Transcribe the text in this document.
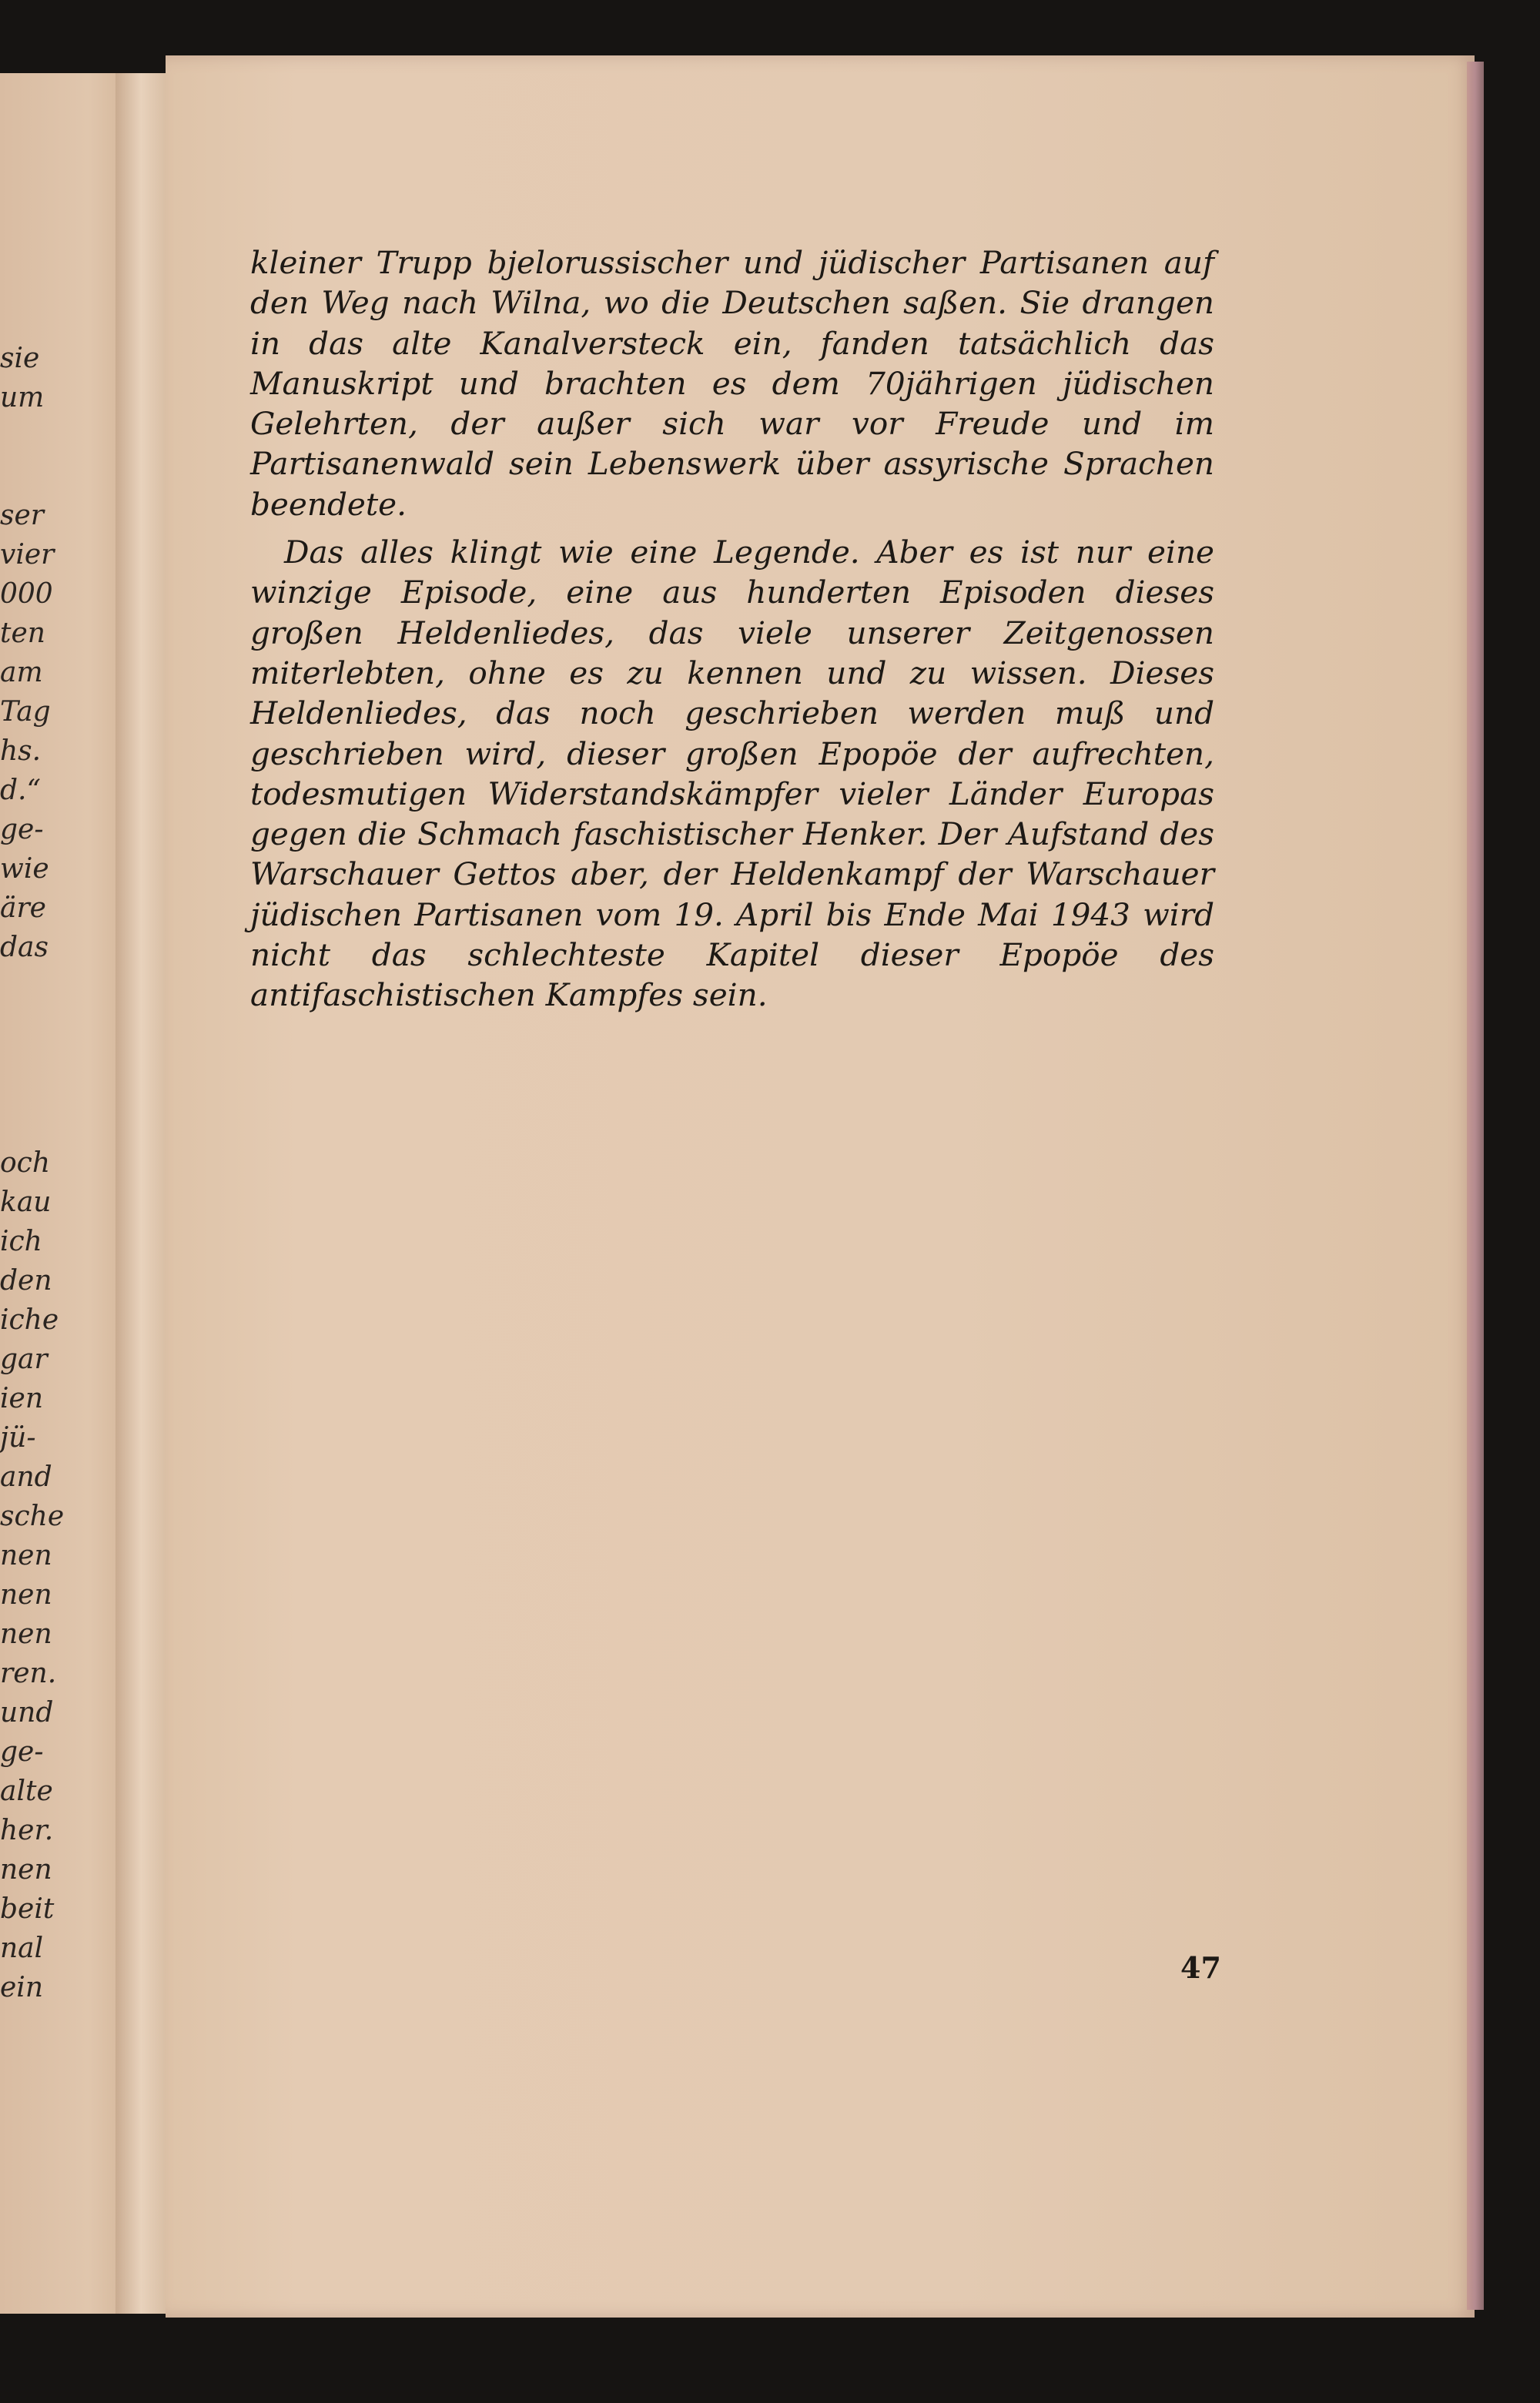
sie
um

ser
vier
000
ten
am
Tag
hs.
d.“
ge-
wie
äre
das
och
kau
ich
den
iche
gar
ien
jü-
and
sche
nen
nen
nen
ren.
und
ge-
alte
her.
nen
beit
nal
ein

kleiner Trupp bjelorussischer und jüdischer Partisanen auf den Weg nach Wilna, wo die Deutschen saßen. Sie drangen in das alte Kanalversteck ein, fanden tatsächlich das Manuskript und brachten es dem 70jährigen jüdischen Gelehrten, der außer sich war vor Freude und im Partisanenwald sein Lebenswerk über assyrische Sprachen beendete.

Das alles klingt wie eine Legende. Aber es ist nur eine winzige Episode, eine aus hunderten Episoden dieses großen Heldenliedes, das viele unserer Zeitgenossen miterlebten, ohne es zu kennen und zu wissen. Dieses Heldenliedes, das noch geschrieben werden muß und geschrieben wird, dieser großen Epopöe der aufrechten, todesmutigen Widerstandskämpfer vieler Länder Europas gegen die Schmach faschistischer Henker. Der Aufstand des Warschauer Gettos aber, der Heldenkampf der Warschauer jüdischen Partisanen vom 19. April bis Ende Mai 1943 wird nicht das schlechteste Kapitel dieser Epopöe des antifaschistischen Kampfes sein.

47
